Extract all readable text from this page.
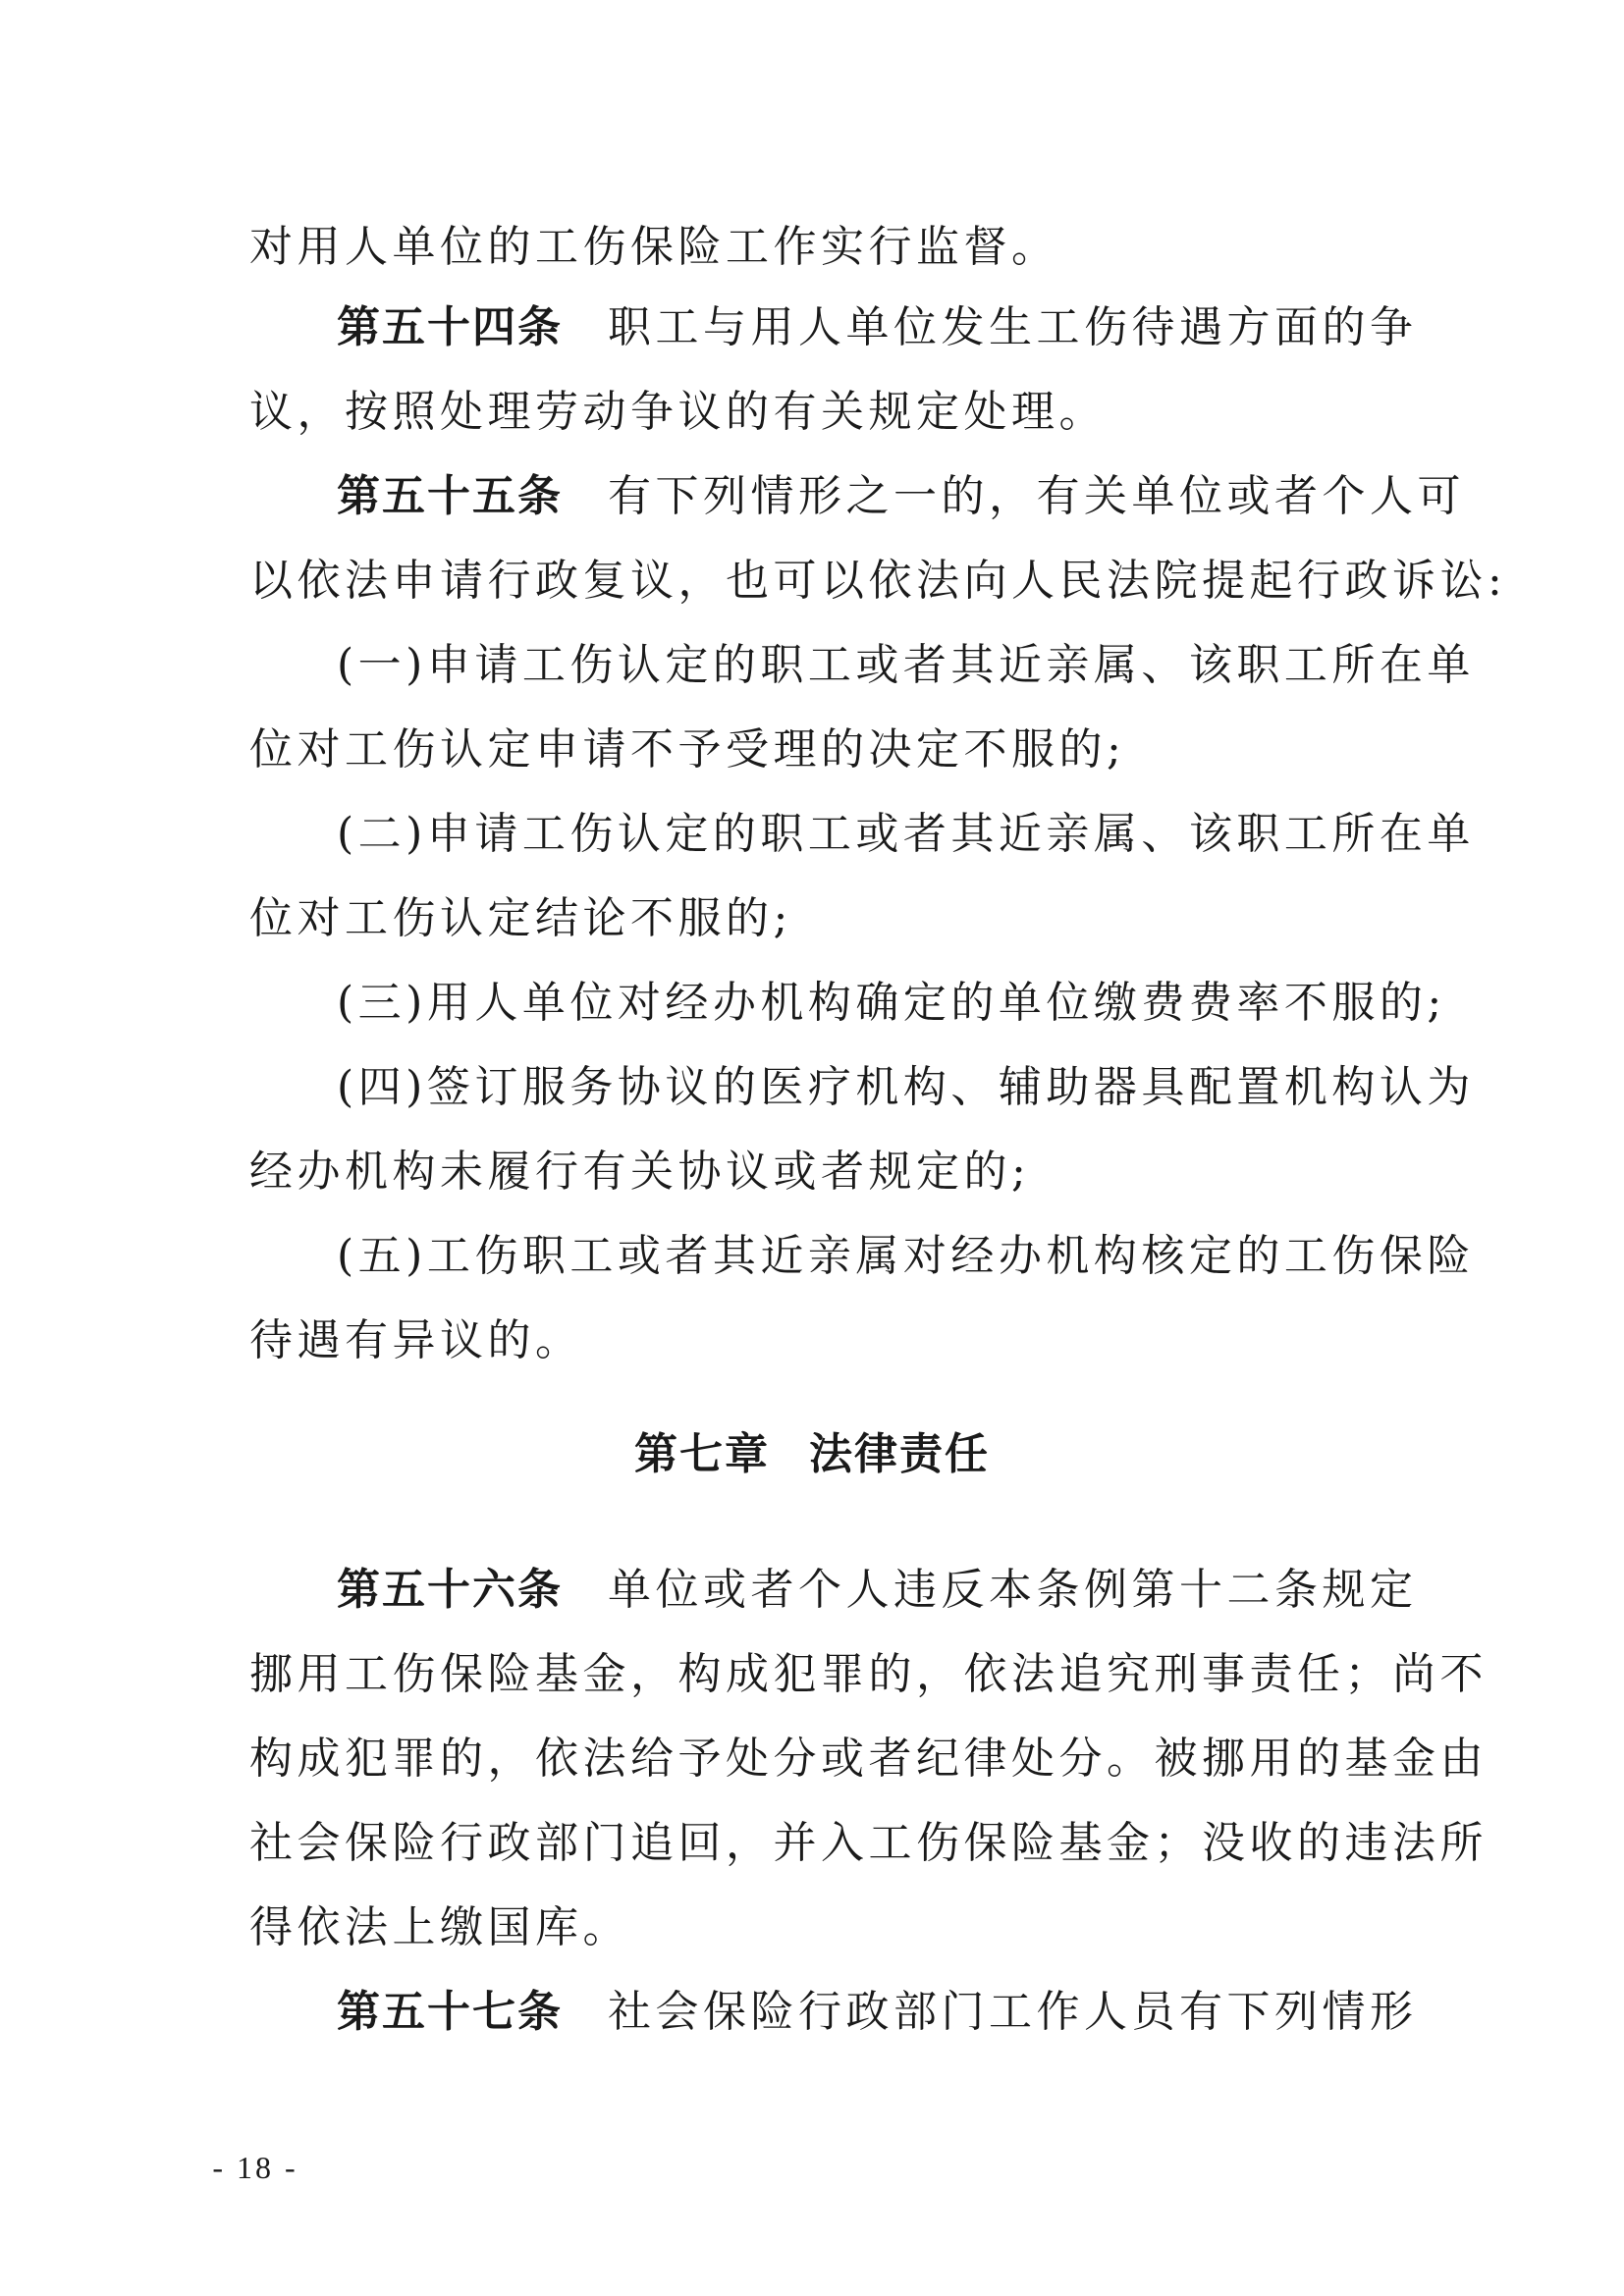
对用人单位的工伤保险工作实行监督。
第五十四条 职工与用人单位发生工伤待遇方面的争
议，按照处理劳动争议的有关规定处理。
第五十五条 有下列情形之一的，有关单位或者个人可
以依法申请行政复议，也可以依法向人民法院提起行政诉讼:
(一)申请工伤认定的职工或者其近亲属、该职工所在单
位对工伤认定申请不予受理的决定不服的;
(二)申请工伤认定的职工或者其近亲属、该职工所在单
位对工伤认定结论不服的;
(三)用人单位对经办机构确定的单位缴费费率不服的;
(四)签订服务协议的医疗机构、辅助器具配置机构认为
经办机构未履行有关协议或者规定的;
(五)工伤职工或者其近亲属对经办机构核定的工伤保险
待遇有异议的。
第七章 法律责任
第五十六条 单位或者个人违反本条例第十二条规定
挪用工伤保险基金，构成犯罪的，依法追究刑事责任；尚不
构成犯罪的，依法给予处分或者纪律处分。被挪用的基金由
社会保险行政部门追回，并入工伤保险基金；没收的违法所
得依法上缴国库。
第五十七条 社会保险行政部门工作人员有下列情形
- 18 -
